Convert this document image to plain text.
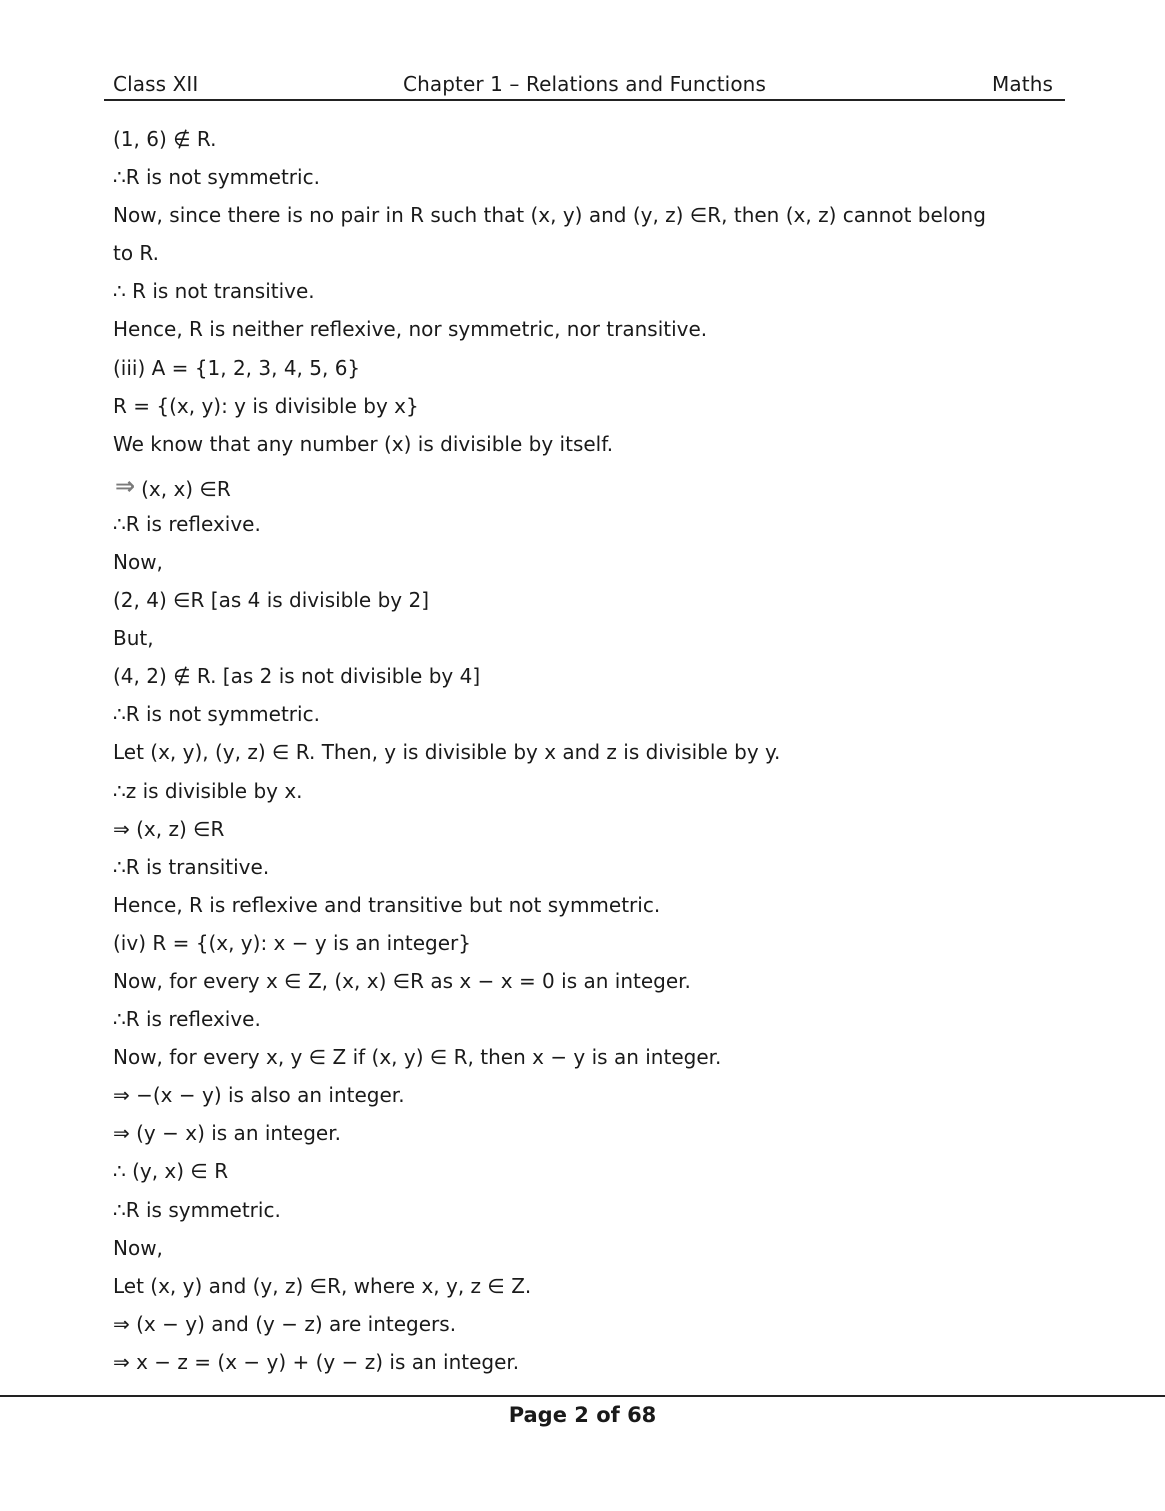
Class XII	Chapter 1 – Relations and Functions	Maths
(1, 6) ∉ R.
∴R is not symmetric.
Now, since there is no pair in R such that (x, y) and (y, z) ∈R, then (x, z) cannot belong
to R.
∴ R is not transitive.
Hence, R is neither reflexive, nor symmetric, nor transitive.
(iii) A = {1, 2, 3, 4, 5, 6}
R = {(x, y): y is divisible by x}
We know that any number (x) is divisible by itself.
⇒ (x, x) ∈R
∴R is reflexive.
Now,
(2, 4) ∈R [as 4 is divisible by 2]
But,
(4, 2) ∉ R. [as 2 is not divisible by 4]
∴R is not symmetric.
Let (x, y), (y, z) ∈ R. Then, y is divisible by x and z is divisible by y.
∴z is divisible by x.
⇒ (x, z) ∈R
∴R is transitive.
Hence, R is reflexive and transitive but not symmetric.
(iv) R = {(x, y): x − y is an integer}
Now, for every x ∈ Z, (x, x) ∈R as x − x = 0 is an integer.
∴R is reflexive.
Now, for every x, y ∈ Z if (x, y) ∈ R, then x − y is an integer.
⇒ −(x − y) is also an integer.
⇒ (y − x) is an integer.
∴ (y, x) ∈ R
∴R is symmetric.
Now,
Let (x, y) and (y, z) ∈R, where x, y, z ∈ Z.
⇒ (x − y) and (y − z) are integers.
⇒ x − z = (x − y) + (y − z) is an integer.
Page 2 of 68
